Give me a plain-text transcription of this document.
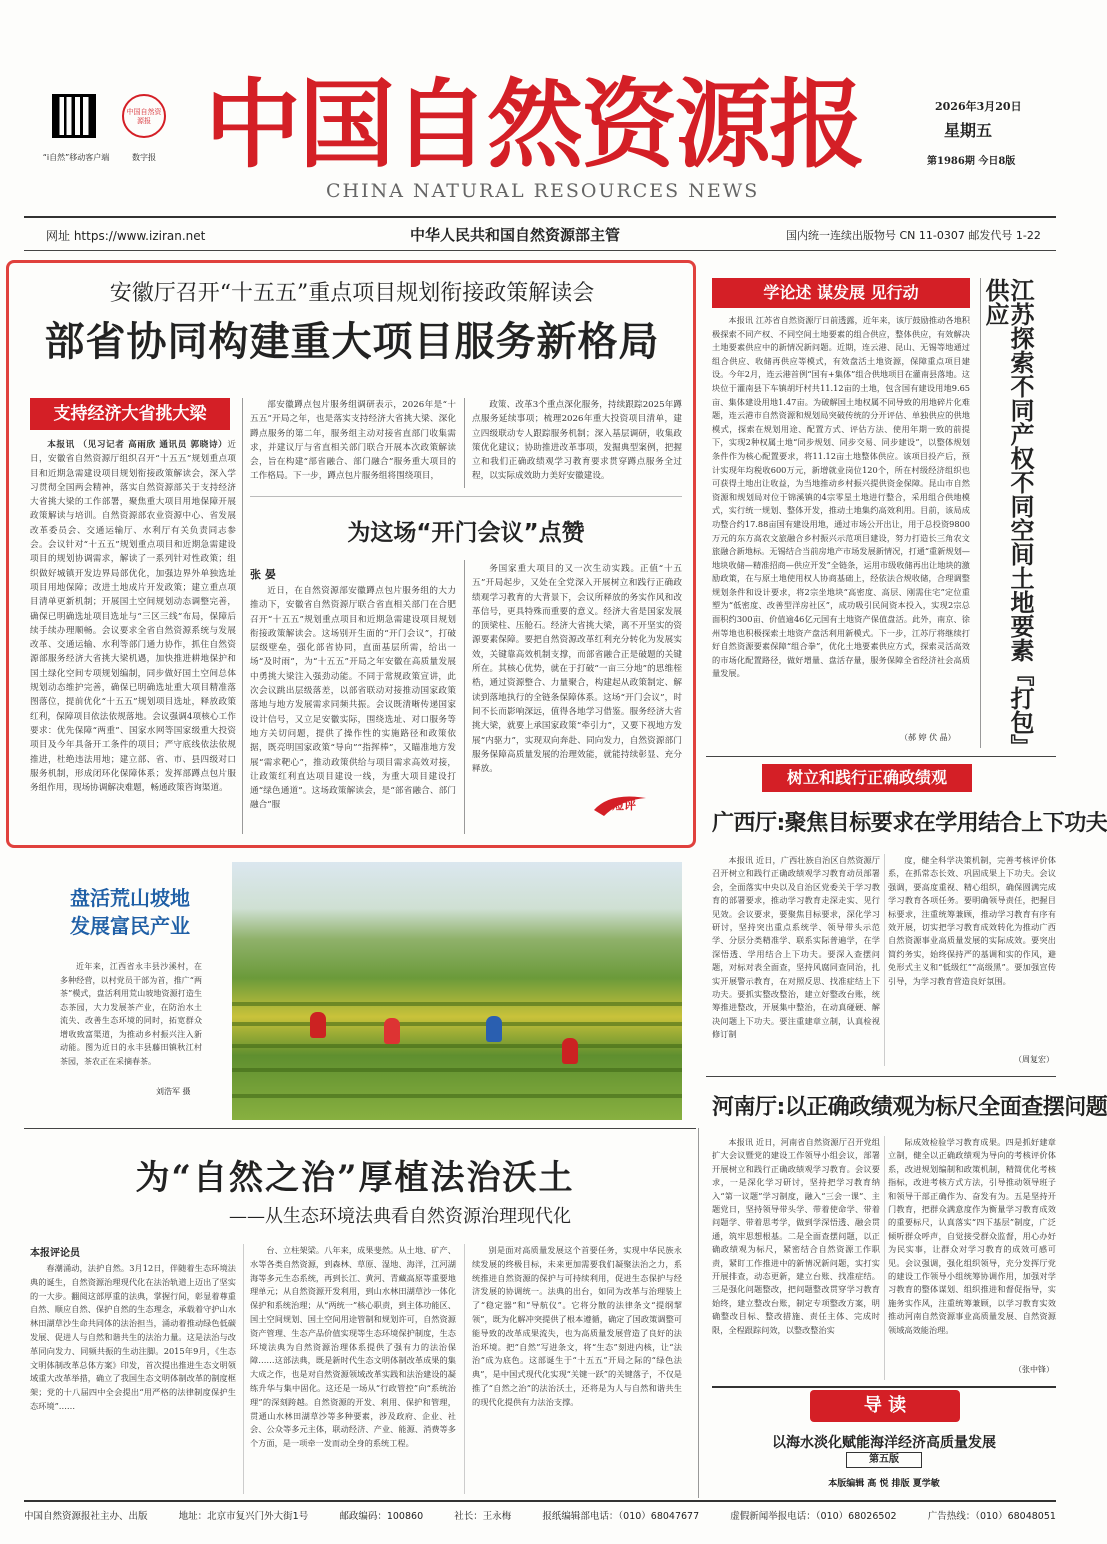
“i自然”移动客户端
中国自然资源报
数字报 中国自然资源报
CHINA NATURAL RESOURCES NEWS
2026年3月20日
星期五
第1986期 今日8版
网址 https://www.iziran.net	中华人民共和国自然资源部主管	国内统一连续出版物号 CN 11-0307 邮发代号 1-22
安徽厅召开“十五五”重点项目规划衔接政策解读会
部省协同构建重大项目服务新格局
支持经济大省挑大梁

本报讯 （见习记者 高雨欣 通讯员 郭晓诗）近日，安徽省自然资源厅组织召开“十五五”规划重点项目和近期急需建设项目规划衔接政策解读会，深入学习贯彻全国两会精神，落实自然资源部关于支持经济大省挑大梁的工作部署，聚焦重大项目用地保障开展政策解读与培训。自然资源部农业资源中心、省发展改革委员会、交通运输厅、水利厅有关负责同志参会。会议针对“十五五”规划重点项目和近期急需建设项目的规划协调需求，解读了一系列针对性政策；组织做好城镇开发边界局部优化，加强边界外单独选址项目用地保障；改进土地成片开发政策；建立重点项目清单更新机制；开展国土空间规划动态调整完善，确保已明确选址项目选址与“三区三线”布局，保障后续手续办理顺畅。会议要求全省自然资源系统与发展改革、交通运输、水利等部门通力协作，抓住自然资源部服务经济大省挑大梁机遇，加快推进耕地保护和国土绿化空间专项规划编制，同步做好国土空间总体规划动态维护完善，确保已明确选址重大项目精准落图落位，提前优化“十五五”规划项目选址，释放政策红利，保障项目依法依规落地。会议强调4项核心工作要求：优先保障“两重”、国家水网等国家级重大投资项目及今年具备开工条件的项目；严守底线依法依规推进，杜绝违法用地；建立部、省、市、县四级对口服务机制，形成闭环化保障体系；发挥部蹲点包片服务组作用，现场协调解决难题，畅通政策咨询渠道。

部安徽蹲点包片服务组调研表示，2026年是“十五五”开局之年，也是落实支持经济大省挑大梁、深化蹲点服务的第二年，服务组主动对接省直部门收集需求，并建议厅与省直相关部门联合开展本次政策解读会，旨在构建“部省融合、部门融合”服务重大项目的工作格局。下一步，蹲点包片服务组将围绕项目，

政策、改革3个重点深化服务，持续跟踪2025年蹲点服务延续事项；梳理2026年重大投资项目清单，建立四级联动专人跟踪服务机制；深入基层调研，收集政策优化建议；协助推进改革事项，发掘典型案例，把握立和我们正确政绩观学习教育要求贯穿蹲点服务全过程，以实际成效助力美好安徽建设。

为这场“开门会议”点赞
张 晏

近日，在自然资源部安徽蹲点包片服务组的大力推动下，安徽省自然资源厅联合省直相关部门在合肥召开“十五五”规划重点项目和近期急需建设项目规划衔接政策解读会。这场别开生面的“开门会议”，打破层级壁垒，强化部省协同，直面基层所需，给出一场“及时雨”，为“十五五”开局之年安徽在高质量发展中勇挑大梁注入强劲动能。不同于常规政策宣讲，此次会议跳出层级落差，以部省联动对接推动国家政策落地与地方发展需求同频共振。会议既清晰传递国家设计信号，又立足安徽实际，围绕选址、对口服务等地方关切问题，提供了操作性的实施路径和政策依据，既亮明国家政策“导向”“指挥棒”，又瞄准地方发展“需求靶心”，推动政策供给与项目需求高效对接，让政策红利直达项目建设一线，为重大项目建设打通“绿色通道”。这场政策解读会，是“部省融合、部门融合”服

务国家重大项目的又一次生动实践。正值“十五五”开局起步，又处在全党深入开展树立和践行正确政绩观学习教育的大背景下，会议所释放的务实作风和改革信号，更具特殊而重要的意义。经济大省是国家发展的顶梁柱、压舱石。经济大省挑大梁，离不开坚实的资源要素保障。要把自然资源改革红利充分转化为发展实效，关键靠高效机制支撑，而部省融合正是破题的关键所在。其核心优势，就在于打破“一亩三分地”的思维桎梏，通过资源整合、力量聚合，构建起从政策制定、解读到落地执行的全链条保障体系。这场“开门会议”，时间不长而影响深远，值得各地学习借鉴。服务经济大省挑大梁，就要上承国家政策“牵引力”，又要下视地方发展“内驱力”，实现双向奔赴、同向发力，自然资源部门服务保障高质量发展的治理效能，就能持续彰显、充分释放。

短评
学论述 谋发展 见行动

本报讯 江苏省自然资源厅日前透露，近年来，该厅鼓励推动各地积极探索不同产权、不同空间土地要素的组合供应，整体供应，有效解决土地要素供应中的新情况新问题。近期，连云港、昆山、无锡等地通过组合供应、收储再供应等模式，有效盘活土地资源，保障重点项目建设。今年2月，连云港首例“国有+集体”组合供地项目在灌南县落地。这块位于灌南县下车镇胡圩村共11.12亩的土地，包含国有建设用地9.65亩、集体建设用地1.47亩。为破解国土地权属不同导致的用地碎片化难题，连云港市自然资源和规划局突破传统的分开评估、单独供应的供地模式，探索在规划用途、配置方式、评估方法、使用年期一致的前提下，实现2种权属土地“同步规划、同步交易、同步建设”，以整体规划条件作为核心配置要求，将11.12亩土地整体供应。该项目投产后，预计实现年均税收600万元，新增就业岗位120个，所在村级经济组织也可获得土地出让收益，为当地推动乡村振兴提供资金保障。昆山市自然资源和规划局对位于锦溪镇的4宗零星土地进行整合，采用组合供地模式，实行统一规划、整体开发，推动土地集约高效利用。目前，该局成功整合约17.88亩国有建设用地，通过市场公开出让，用于总投资9800万元的东方高农文旅融合乡村振兴示范项目建设，努力打造长三角农文旅融合新地标。无锡结合当前房地产市场发展新情况，打通“重新规划—地块收储—精准招商—供应开发”全链条，运用市级收储再出让地块的激励政策，在与原土地使用权人协商基础上，经依法合规收储，合理调整规划条件和设计要求，将2宗坐地块“高密度、高层、刚需住宅”定位重塑为“低密度、改善型洋房社区”，成功吸引民间资本投入，实现2宗总面积约300亩、价值逾46亿元国有土地资产保值盘活。此外，南京、徐州等地也积极探索土地资产盘活利用新模式。下一步，江苏厅将继续打好自然资源要素保障“组合拳”，优化土地要素供应方式，探索灵活高效的市场化配置路径，做好增量、盘活存量，服务保障全省经济社会高质量发展。

（郝 婷 伏 晶）	江苏探索不同产权不同空间土地要素『打包』供应
树立和践行正确政绩观
广西厅:聚焦目标要求在学用结合上下功夫

本报讯 近日，广西壮族自治区自然资源厅召开树立和践行正确政绩观学习教育动员部署会，全面落实中央以及自治区党委关于学习教育的部署要求，推动学习教育走深走实、见行见效。会议要求，要聚焦目标要求，深化学习研讨，坚持突出重点系统学、领导带头示范学、分层分类精准学、联系实际普遍学，在学深悟透、学用结合上下功夫。要深入查摆问题，对标对表全面查，坚持风腐同查同治，扎实开展警示教育，在对照反思、找准症结上下功夫。要抓实整改整治，建立好整改台账，统筹推进整改，开展集中整治，在动真碰硬、解决问题上下功夫。要注重建章立制，认真检视修订制

度，健全科学决策机制，完善考核评价体系，在抓常态长效、巩固成果上下功夫。会议强调，要高度重视、精心组织，确保圆满完成学习教育各项任务。要明确领导责任，把握目标要求，注重统筹兼顾，推动学习教育有序有效开展，切实把学习教育成效转化为推动广西自然资源事业高质量发展的实际成效。要突出简约务实，始终保持严的基调和实的作风，避免形式主义和“低级红”“高级黑”。要加强宣传引导，为学习教育营造良好氛围。

（周复宏）
河南厅:以正确政绩观为标尺全面查摆问题

本报讯 近日，河南省自然资源厅召开党组扩大会议暨党的建设工作领导小组会议，部署开展树立和践行正确政绩观学习教育。会议要求，一是深化学习研讨，坚持把学习教育纳入“第一议题”学习制度，融入“三会一课”、主题党日，坚持领导带头学、带着使命学、带着问题学、带着思考学，做到学深悟透、融会贯通，筑牢思想根基。二是全面查摆问题，以正确政绩观为标尺，紧密结合自然资源工作职责，紧盯工作推进中的新情况新问题，实打实开展排查，动态更新，建立台账、找准症结。三是强化问题整改，把问题整改贯穿学习教育始终，建立整改台账，制定专项整改方案，明确整改目标、整改措施、责任主体、完成时限，全程跟踪问效，以整改整治实

际成效检验学习教育成果。四是抓好建章立制，健全以正确政绩观为导向的考核评价体系，改进规划编制和政策机制，精简优化考核指标，改进考核方式方法，引导推动领导班子和领导干部正确作为、奋发有为。五是坚持开门教育，把群众满意度作为衡量学习教育成效的重要标尺，认真落实“四下基层”制度，广泛倾听群众呼声，自觉接受群众监督，用心办好为民实事，让群众对学习教育的成效可感可见。会议强调，强化组织领导，充分发挥厅党的建设工作领导小组统筹协调作用，加强对学习教育的整体谋划、组织推进和督促指导，实施务实作风，注重统筹兼顾，以学习教育实效推动河南自然资源事业高质量发展、自然资源领域高效能治理。

（张中锋）
导 读
以海水淡化赋能海洋经济高质量发展
第五版
本版编辑 高 悦 排版 夏学敏
盘活荒山坡地
发展富民产业

近年来，江西省永丰县沙溪村，在多种经营，以村党员干部为首，推广“两茶”模式，盘活利用荒山坡地资源打造生态茶园，大力发展茶产业，在防治水土流失、改善生态环境的同时，拓宽群众增收致富渠道，为推动乡村振兴注入新动能。图为近日的永丰县藤田镇秋江村茶园，茶农正在采摘春茶。

刘浩军 摄
为“自然之治”厚植法治沃土
——从生态环境法典看自然资源治理现代化
本报评论员

春潮涌动，法护自然。3月12日，伴随着生态环境法典的诞生，自然资源治理现代化在法治轨道上迈出了坚实的一大步。翻阅这部厚重的法典，掌握行间，彰显着尊重自然、顺应自然、保护自然的生态理念，承载着守护山水林田湖草沙生命共同体的法治担当，涌动着推动绿色低碳发展、促进人与自然和谐共生的法治力量。这是法治与改革同向发力、同频共振的生动注脚。2015年9月，《生态文明体制改革总体方案》印发，首次提出推进生态文明领域重大改革举措，确立了我国生态文明体制改革的制度框架；党的十八届四中全会提出“用严格的法律制度保护生态环境”……

台、立柱架梁。八年来，成果斐然。从土地、矿产、水等各类自然资源，到森林、草原、湿地、海洋，江河湖海等多元生态系统，再到长江、黄河、青藏高原等重要地理单元；从自然资源开发利用，到山水林田湖草沙一体化保护和系统治理；从“两统一”核心职责，到主体功能区、国土空间规划、国土空间用途管制和规划许可，自然资源资产管理、生态产品价值实现等生态环境保护制度，生态环境法典为自然资源治理体系提供了强有力的法治保障……这部法典，既是新时代生态文明体制改革成果的集大成之作，也是对自然资源领域改革实践和法治建设的凝练升华与集中固化。这还是一场从“行政管控”向“系统治理”的深刻跨越。自然资源的开发、利用、保护和管理，贯通山水林田湖草沙等多种要素，涉及政府、企业、社会、公众等多元主体，联动经济、产业、能源、消费等多个方面，是一项牵一发而动全身的系统工程。

别是面对高质量发展这个首要任务，实现中华民族永续发展的终极目标，未来更加需要我们凝聚法治之力，系统推进自然资源的保护与可持续利用，促进生态保护与经济发展的协调统一。法典的出台，如同为改革与治理装上了“稳定器”和“导航仪”。它将分散的法律条文“提纲挈领”，既为化解冲突提供了根本遵循，确定了国政策调整可能导致的改革成果流失，也为高质量发展营造了良好的法治环境。把“自然”写进条文，将“生态”刻进内核，让“法治”成为底色。这部诞生于“十五五”开局之际的“绿色法典”，是中国式现代化实现“关键一跃”的关键落子，不仅是推了“自然之治”的法治沃土，还将是为人与自然和谐共生的现代化提供有力法治支撑。

中国自然资源报社主办、出版	地址：北京市复兴门外大街1号	邮政编码：100860	社长：王永梅	报纸编辑部电话：（010）68047677	虚假新闻举报电话：（010）68026502	广告热线：（010）68048051
